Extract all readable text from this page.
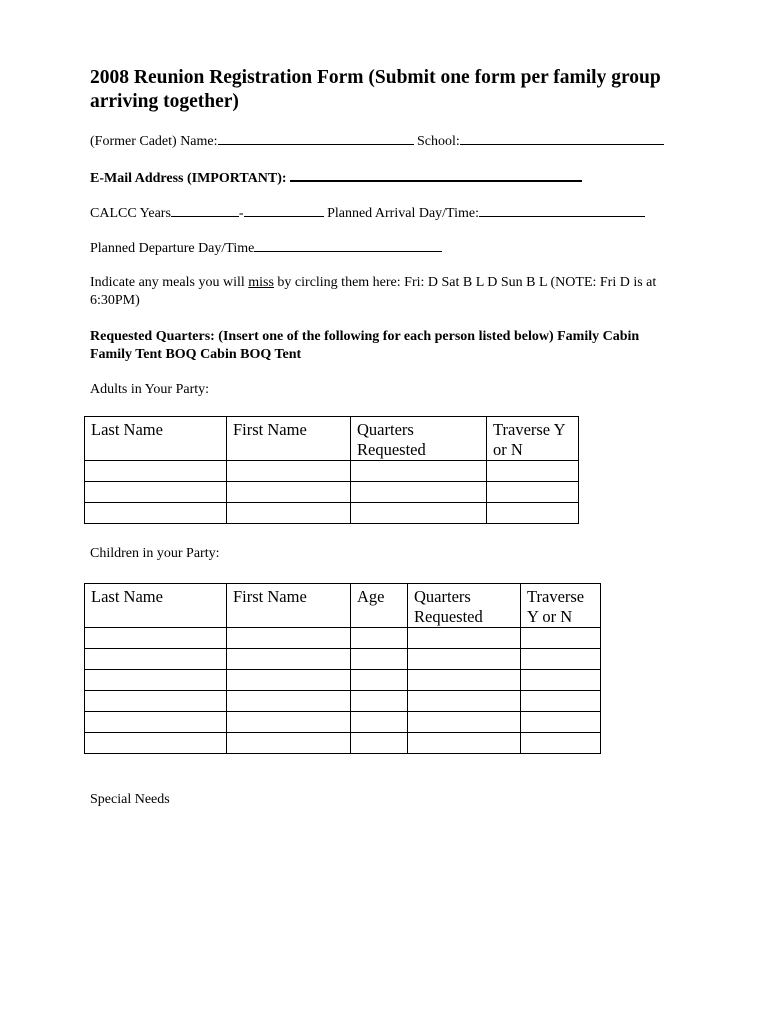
2008 Reunion Registration Form (Submit one form per family group arriving together)
(Former Cadet) Name:	School:
E-Mail Address (IMPORTANT):
CALCC Years	-	Planned Arrival Day/Time:
Planned Departure Day/Time
Indicate any meals you will miss by circling them here: Fri: D Sat B L D Sun B L (NOTE: Fri D is at 6:30PM)
Requested Quarters: (Insert one of the following for each person listed below) Family Cabin Family Tent BOQ Cabin BOQ Tent
Adults in Your Party:
Last Name	First Name	Quarters Requested	Traverse Y or N

Children in your Party:
Last Name	First Name	Age	Quarters Requested	Traverse Y or N

Special Needs
